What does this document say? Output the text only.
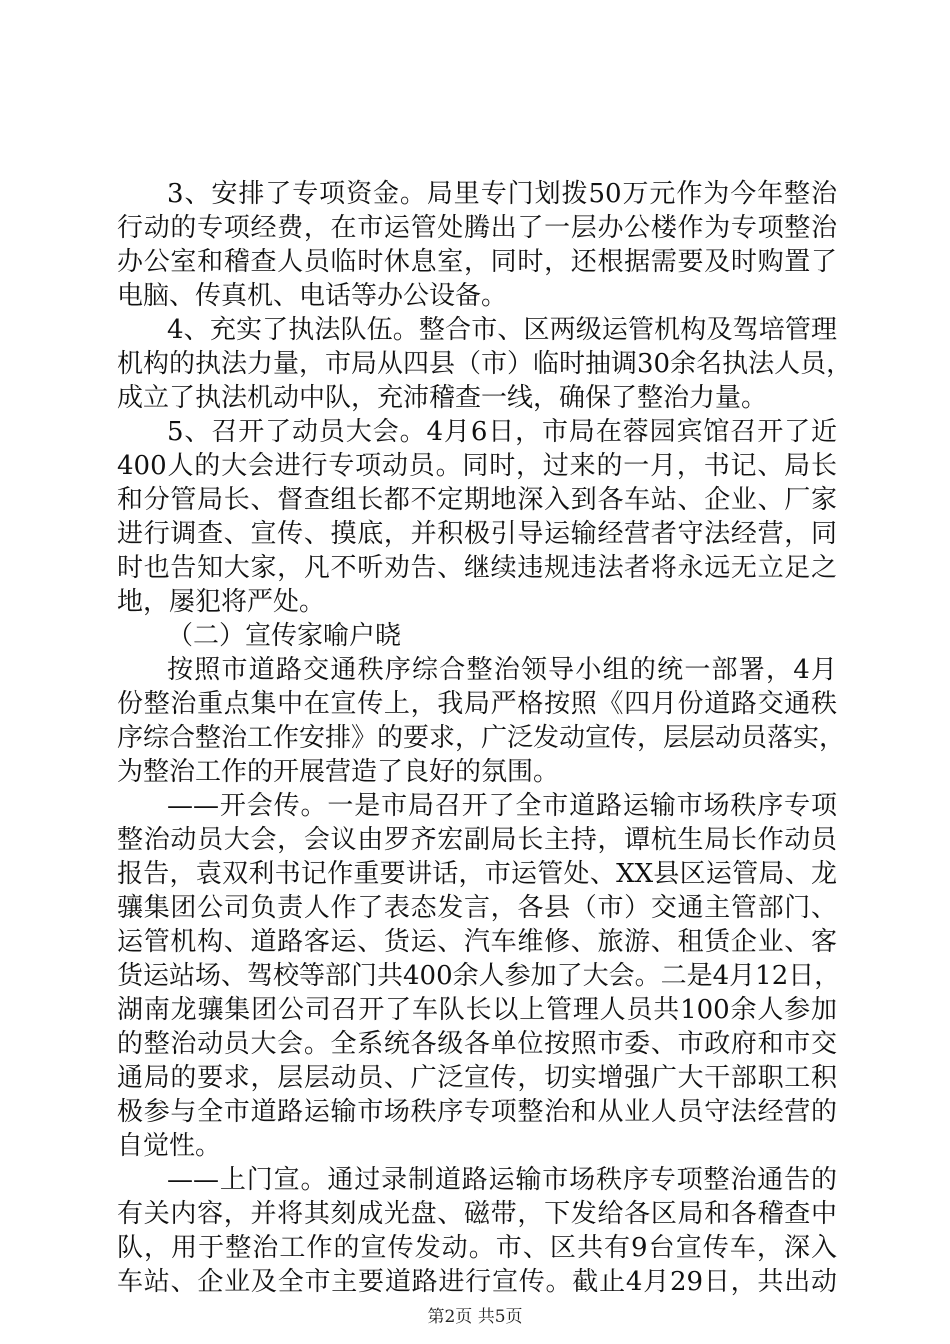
3、安排了专项资金。局里专门划拨50万元作为今年整治
行动的专项经费，在市运管处腾出了一层办公楼作为专项整治
办公室和稽查人员临时休息室，同时，还根据需要及时购置了
电脑、传真机、电话等办公设备。
4、充实了执法队伍。整合市、区两级运管机构及驾培管理
机构的执法力量，市局从四县（市）临时抽调30余名执法人员，
成立了执法机动中队，充沛稽查一线，确保了整治力量。
5、召开了动员大会。4月6日，市局在蓉园宾馆召开了近
400人的大会进行专项动员。同时，过来的一月，书记、局长
和分管局长、督查组长都不定期地深入到各车站、企业、厂家
进行调查、宣传、摸底，并积极引导运输经营者守法经营，同
时也告知大家，凡不听劝告、继续违规违法者将永远无立足之
地，屡犯将严处。
（二）宣传家喻户晓
按照市道路交通秩序综合整治领导小组的统一部署，4月
份整治重点集中在宣传上，我局严格按照《四月份道路交通秩
序综合整治工作安排》的要求，广泛发动宣传，层层动员落实，
为整治工作的开展营造了良好的氛围。
——开会传。一是市局召开了全市道路运输市场秩序专项
整治动员大会，会议由罗齐宏副局长主持，谭杭生局长作动员
报告，袁双利书记作重要讲话，市运管处、XX县区运管局、龙
骧集团公司负责人作了表态发言，各县（市）交通主管部门、
运管机构、道路客运、货运、汽车维修、旅游、租赁企业、客
货运站场、驾校等部门共400余人参加了大会。二是4月12日，
湖南龙骧集团公司召开了车队长以上管理人员共100余人参加
的整治动员大会。全系统各级各单位按照市委、市政府和市交
通局的要求，层层动员、广泛宣传，切实增强广大干部职工积
极参与全市道路运输市场秩序专项整治和从业人员守法经营的
自觉性。
——上门宣。通过录制道路运输市场秩序专项整治通告的
有关内容，并将其刻成光盘、磁带，下发给各区局和各稽查中
队，用于整治工作的宣传发动。市、区共有9台宣传车，深入
车站、企业及全市主要道路进行宣传。截止4月29日，共出动
第2页 共5页
